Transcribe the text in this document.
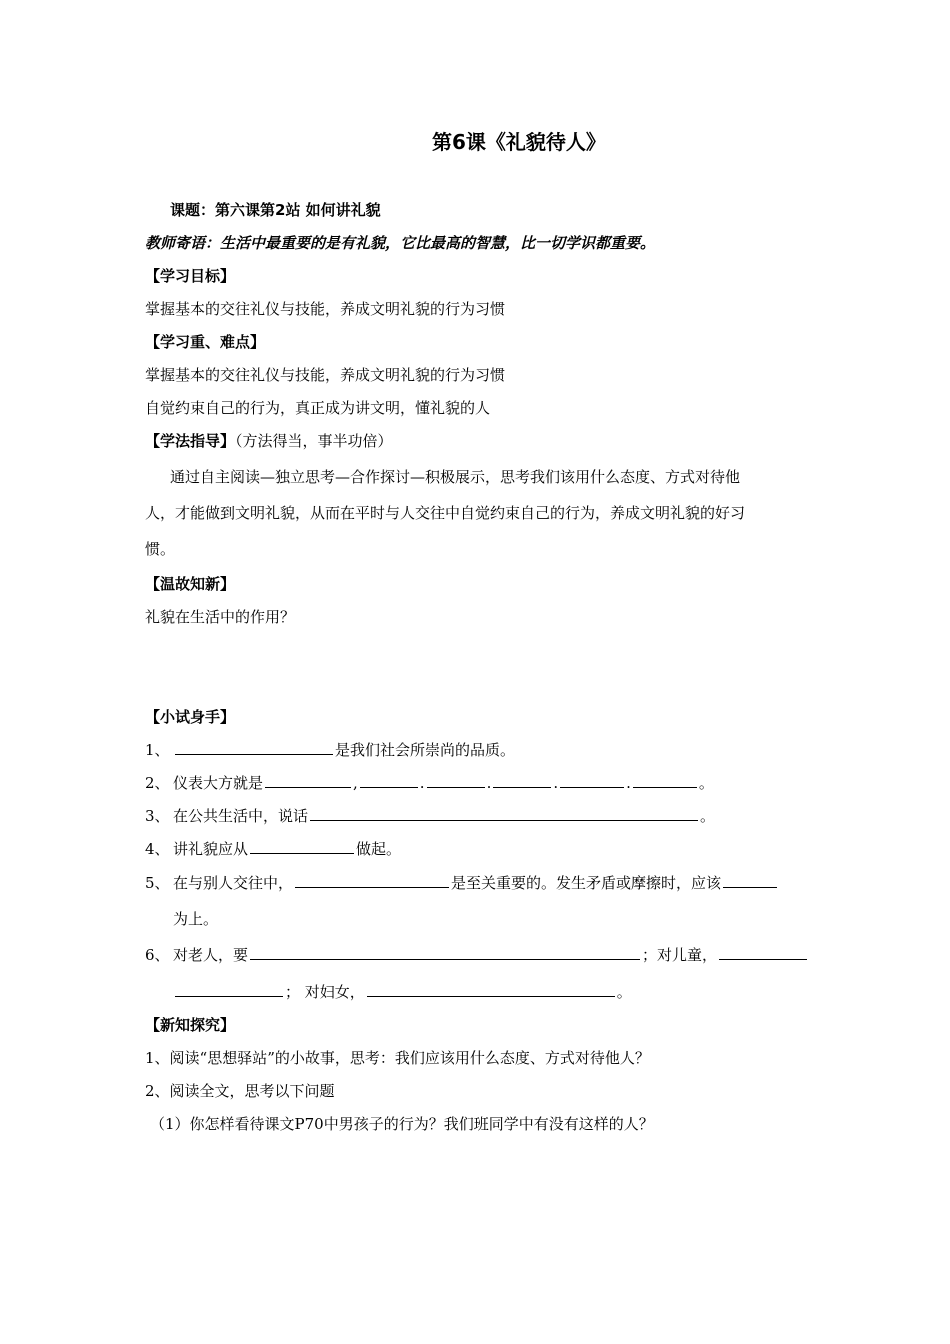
第6课《礼貌待人》
课题：第六课第2站 如何讲礼貌
教师寄语：生活中最重要的是有礼貌，它比最高的智慧，比一切学识都重要。
【学习目标】
掌握基本的交往礼仪与技能，养成文明礼貌的行为习惯
【学习重、难点】
掌握基本的交往礼仪与技能，养成文明礼貌的行为习惯
自觉约束自己的行为，真正成为讲文明，懂礼貌的人
【学法指导】（方法得当，事半功倍）
通过自主阅读—独立思考—合作探讨—积极展示，思考我们该用什么态度、方式对待他
人，才能做到文明礼貌，从而在平时与人交往中自觉约束自己的行为，养成文明礼貌的好习
惯。
【温故知新】
礼貌在生活中的作用？
【小试身手】
1、	是我们社会所崇尚的品质。
2、 仪表大方就是	,	.	.	.	.	。
3、 在公共生活中，说话	。
4、 讲礼貌应从	做起。
5、 在与别人交往中，	是至关重要的。发生矛盾或摩擦时，应该
为上。
6、 对老人，要	；对儿童，
； 对妇女，	。
【新知探究】
1、阅读“思想驿站”的小故事，思考：我们应该用什么态度、方式对待他人？
2、阅读全文，思考以下问题
（1）你怎样看待课文P70中男孩子的行为？我们班同学中有没有这样的人？
